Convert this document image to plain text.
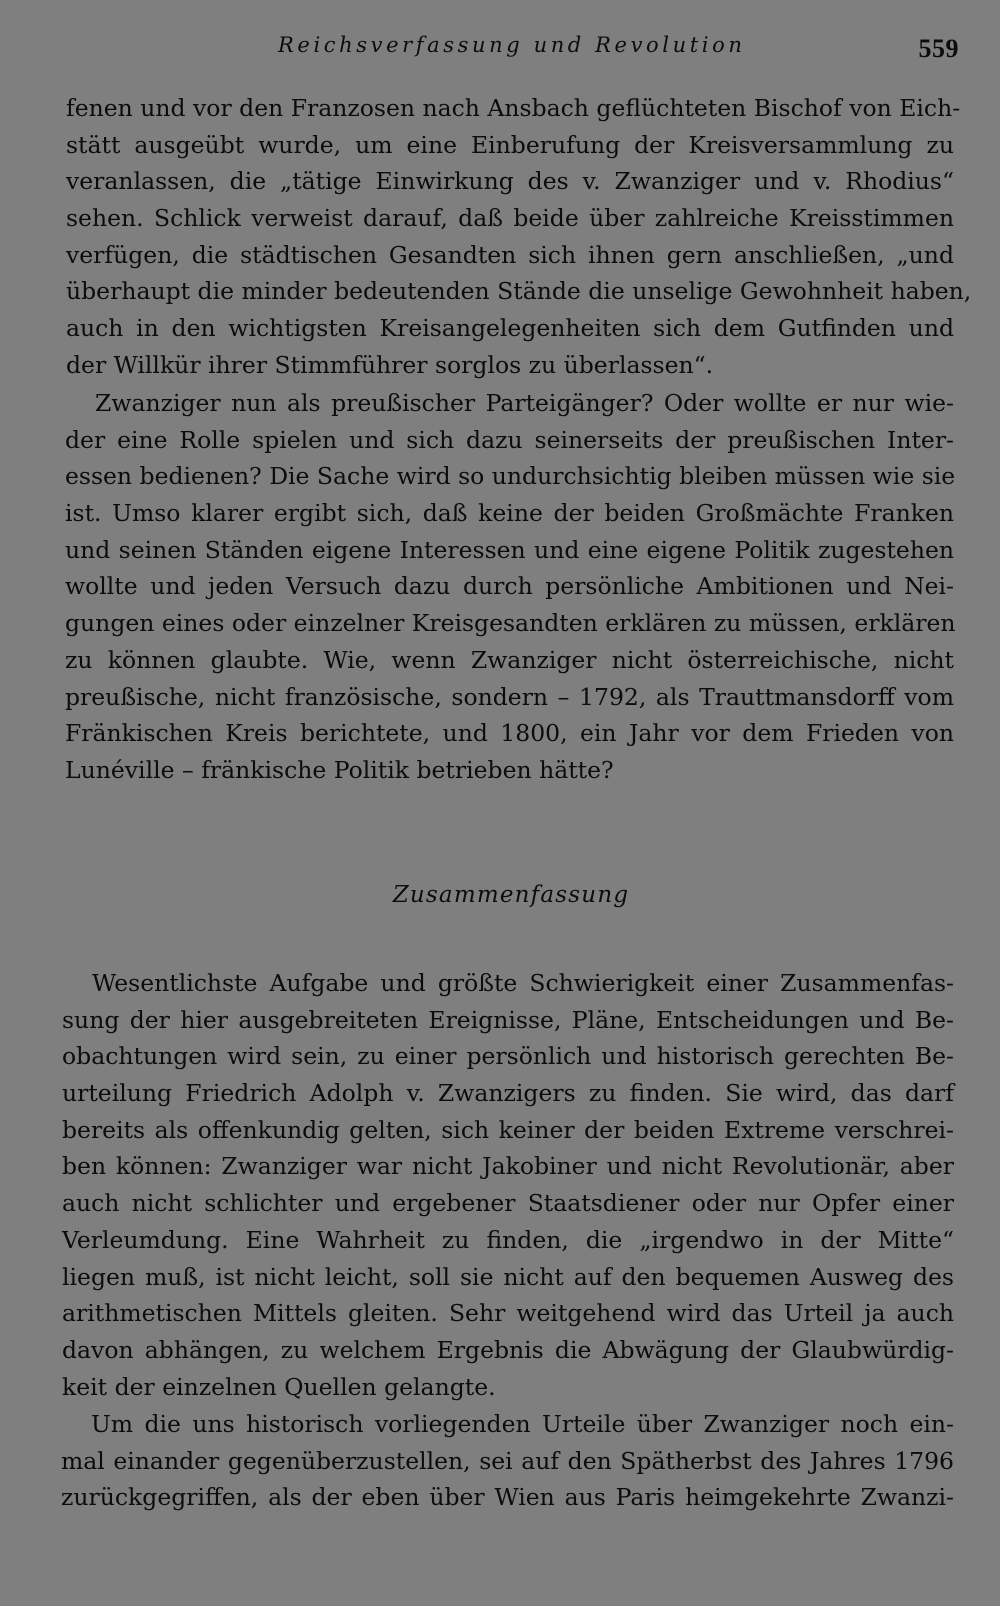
Reichsverfassung und Revolution	559
fenen und vor den Franzosen nach Ansbach geflüchteten Bischof von Eich-
stätt ausgeübt wurde, um eine Einberufung der Kreisversammlung zu
veranlassen, die „tätige Einwirkung des v. Zwanziger und v. Rhodius“
sehen. Schlick verweist darauf, daß beide über zahlreiche Kreisstimmen
verfügen, die städtischen Gesandten sich ihnen gern anschließen, „und
überhaupt die minder bedeutenden Stände die unselige Gewohnheit haben,
auch in den wichtigsten Kreisangelegenheiten sich dem Gutfinden und
der Willkür ihrer Stimmführer sorglos zu überlassen“.
Zwanziger nun als preußischer Parteigänger? Oder wollte er nur wie-
der eine Rolle spielen und sich dazu seinerseits der preußischen Inter-
essen bedienen? Die Sache wird so undurchsichtig bleiben müssen wie sie
ist. Umso klarer ergibt sich, daß keine der beiden Großmächte Franken
und seinen Ständen eigene Interessen und eine eigene Politik zugestehen
wollte und jeden Versuch dazu durch persönliche Ambitionen und Nei-
gungen eines oder einzelner Kreisgesandten erklären zu müssen, erklären
zu können glaubte. Wie, wenn Zwanziger nicht österreichische, nicht
preußische, nicht französische, sondern – 1792, als Trauttmansdorff vom
Fränkischen Kreis berichtete, und 1800, ein Jahr vor dem Frieden von
Lunéville – fränkische Politik betrieben hätte?
Zusammenfassung
Wesentlichste Aufgabe und größte Schwierigkeit einer Zusammenfas-
sung der hier ausgebreiteten Ereignisse, Pläne, Entscheidungen und Be-
obachtungen wird sein, zu einer persönlich und historisch gerechten Be-
urteilung Friedrich Adolph v. Zwanzigers zu finden. Sie wird, das darf
bereits als offenkundig gelten, sich keiner der beiden Extreme verschrei-
ben können: Zwanziger war nicht Jakobiner und nicht Revolutionär, aber
auch nicht schlichter und ergebener Staatsdiener oder nur Opfer einer
Verleumdung. Eine Wahrheit zu finden, die „irgendwo in der Mitte“
liegen muß, ist nicht leicht, soll sie nicht auf den bequemen Ausweg des
arithmetischen Mittels gleiten. Sehr weitgehend wird das Urteil ja auch
davon abhängen, zu welchem Ergebnis die Abwägung der Glaubwürdig-
keit der einzelnen Quellen gelangte.
Um die uns historisch vorliegenden Urteile über Zwanziger noch ein-
mal einander gegenüberzustellen, sei auf den Spätherbst des Jahres 1796
zurückgegriffen, als der eben über Wien aus Paris heimgekehrte Zwanzi-
